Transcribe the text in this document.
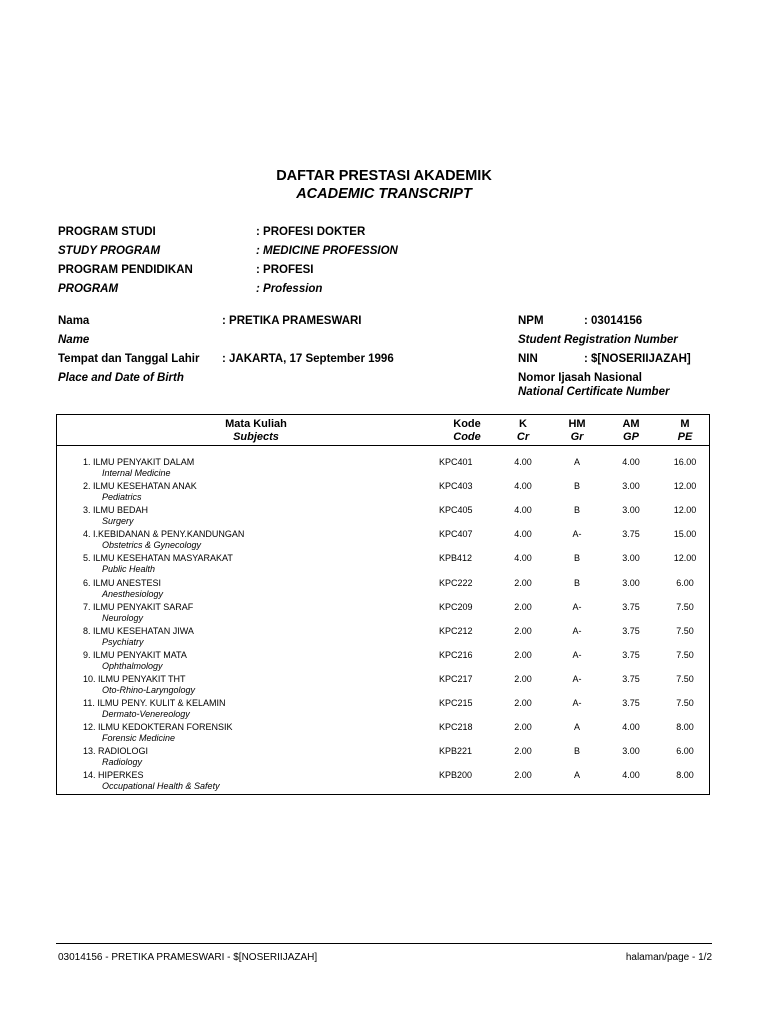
DAFTAR PRESTASI AKADEMIK
ACADEMIC TRANSCRIPT
PROGRAM STUDI	: PROFESI DOKTER
STUDY PROGRAM	: MEDICINE PROFESSION
PROGRAM PENDIDIKAN	: PROFESI
PROGRAM	: Profession
Nama	: PRETIKA PRAMESWARI
Name
Tempat dan Tanggal Lahir : JAKARTA, 17 September 1996
Place and Date of Birth
NPM	: 03014156
Student Registration Number
NIN	: $[NOSERIIJAZAH]
Nomor Ijasah Nasional
National Certificate Number
Mata Kuliah
Subjects
Kode
Code
K
Cr
HM
Gr
AM
GP
M
PE
1. ILMU PENYAKIT DALAM
Internal Medicine
KPC401	4.00	A	4.00	16.00
2. ILMU KESEHATAN ANAK
Pediatrics
KPC403	4.00	B	3.00	12.00
3. ILMU BEDAH
Surgery
KPC405	4.00	B	3.00	12.00
4. I.KEBIDANAN & PENY.KANDUNGAN
Obstetrics & Gynecology
KPC407	4.00	A-	3.75	15.00
5. ILMU KESEHATAN MASYARAKAT
Public Health
KPB412	4.00	B	3.00	12.00
6. ILMU ANESTESI
Anesthesiology
KPC222	2.00	B	3.00	6.00
7. ILMU PENYAKIT SARAF
Neurology
KPC209	2.00	A-	3.75	7.50
8. ILMU KESEHATAN JIWA
Psychiatry
KPC212	2.00	A-	3.75	7.50
9. ILMU PENYAKIT MATA
Ophthalmology
KPC216	2.00	A-	3.75	7.50
10. ILMU PENYAKIT THT
Oto-Rhino-Laryngology
KPC217	2.00	A-	3.75	7.50
11. ILMU PENY. KULIT & KELAMIN
Dermato-Venereology
KPC215	2.00	A-	3.75	7.50
12. ILMU KEDOKTERAN FORENSIK
Forensic Medicine
KPC218	2.00	A	4.00	8.00
13. RADIOLOGI
Radiology
KPB221	2.00	B	3.00	6.00
14. HIPERKES
Occupational Health & Safety
KPB200	2.00	A	4.00	8.00
03014156 - PRETIKA PRAMESWARI - $[NOSERIIJAZAH]	halaman/page - 1/2
